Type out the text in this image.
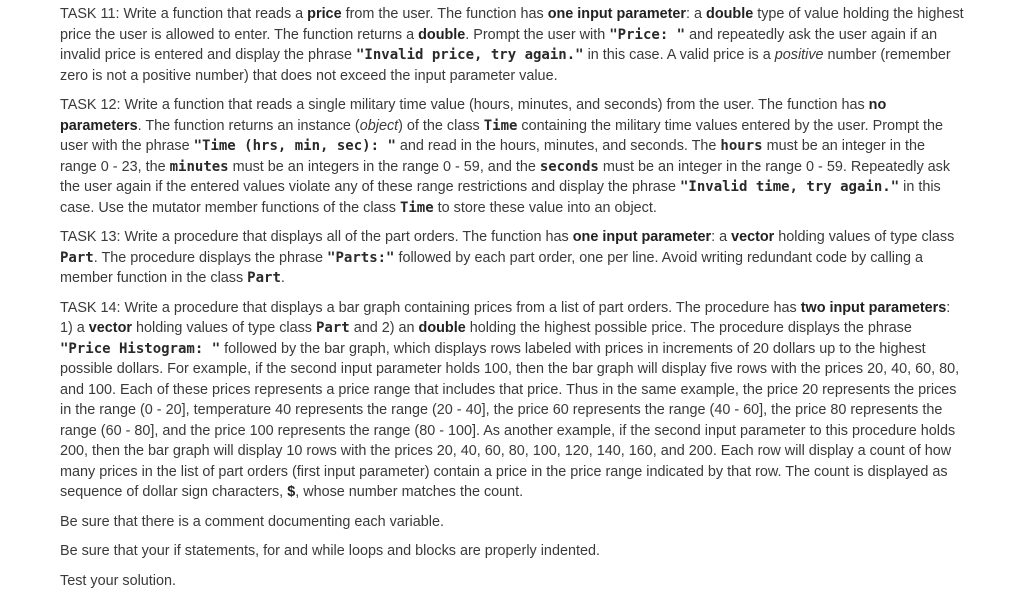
TASK 11: Write a function that reads a price from the user. The function has one input parameter: a double type of value holding the highest price the user is allowed to enter. The function returns a double. Prompt the user with "Price: " and repeatedly ask the user again if an invalid price is entered and display the phrase "Invalid price, try again." in this case. A valid price is a positive number (remember zero is not a positive number) that does not exceed the input parameter value.

TASK 12: Write a function that reads a single military time value (hours, minutes, and seconds) from the user. The function has no parameters. The function returns an instance (object) of the class Time containing the military time values entered by the user. Prompt the user with the phrase "Time (hrs, min, sec): " and read in the hours, minutes, and seconds. The hours must be an integer in the range 0 - 23, the minutes must be an integers in the range 0 - 59, and the seconds must be an integer in the range 0 - 59. Repeatedly ask the user again if the entered values violate any of these range restrictions and display the phrase "Invalid time, try again." in this case. Use the mutator member functions of the class Time to store these value into an object.

TASK 13: Write a procedure that displays all of the part orders. The function has one input parameter: a vector holding values of type class Part. The procedure displays the phrase "Parts:" followed by each part order, one per line. Avoid writing redundant code by calling a member function in the class Part.

TASK 14: Write a procedure that displays a bar graph containing prices from a list of part orders. The procedure has two input parameters: 1) a vector holding values of type class Part and 2) an double holding the highest possible price. The procedure displays the phrase "Price Histogram: " followed by the bar graph, which displays rows labeled with prices in increments of 20 dollars up to the highest possible dollars. For example, if the second input parameter holds 100, then the bar graph will display five rows with the prices 20, 40, 60, 80, and 100. Each of these prices represents a price range that includes that price. Thus in the same example, the price 20 represents the prices in the range (0 - 20], temperature 40 represents the range (20 - 40], the price 60 represents the range (40 - 60], the price 80 represents the range (60 - 80], and the price 100 represents the range (80 - 100]. As another example, if the second input parameter to this procedure holds 200, then the bar graph will display 10 rows with the prices 20, 40, 60, 80, 100, 120, 140, 160, and 200. Each row will display a count of how many prices in the list of part orders (first input parameter) contain a price in the price range indicated by that row. The count is displayed as sequence of dollar sign characters, $, whose number matches the count.

Be sure that there is a comment documenting each variable.

Be sure that your if statements, for and while loops and blocks are properly indented.

Test your solution.
